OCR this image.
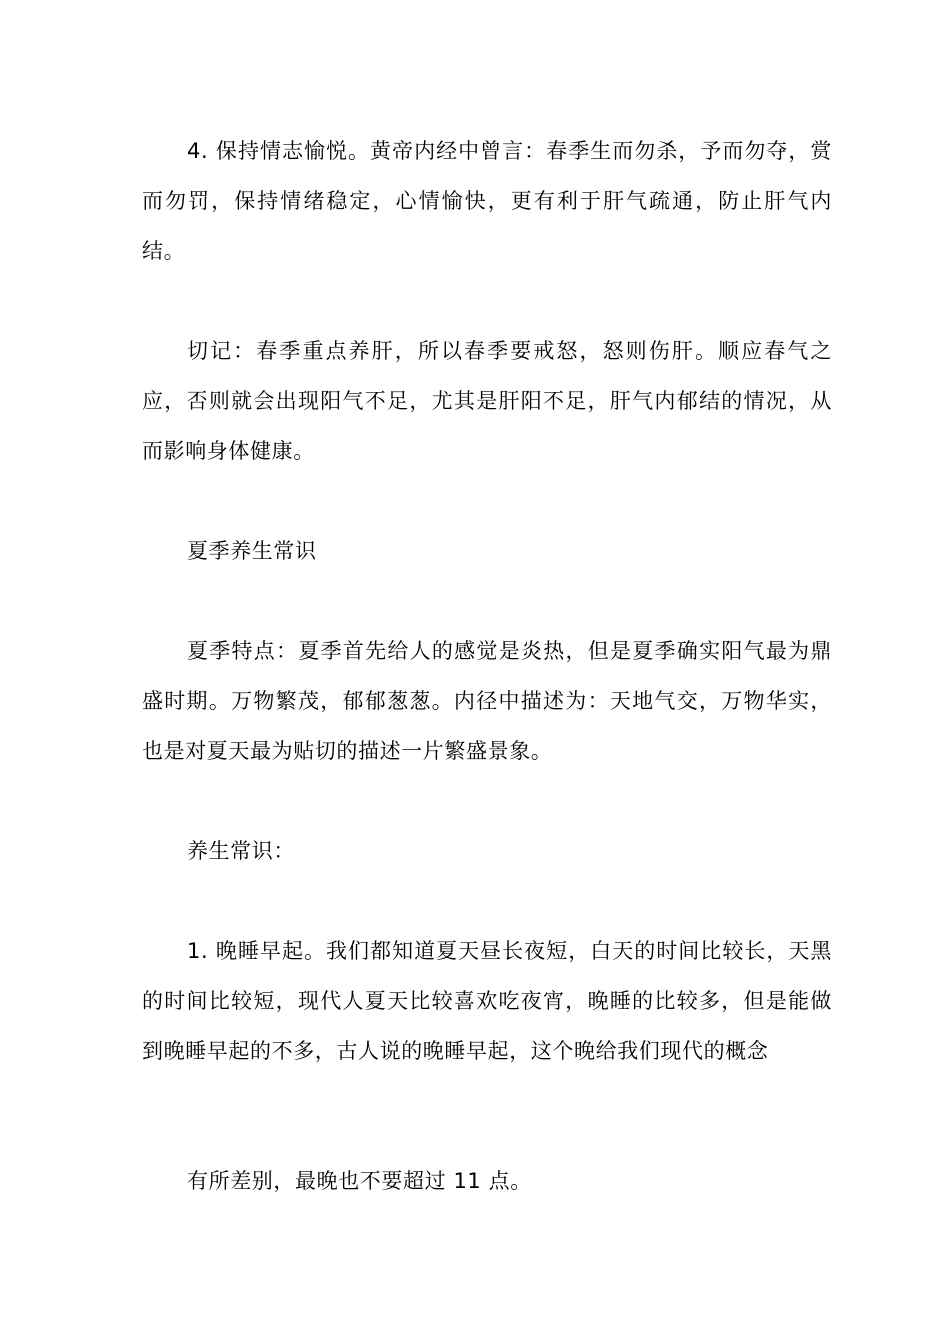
4. 保持情志愉悦。黄帝内经中曾言：春季生而勿杀，予而勿夺，赏而勿罚，保持情绪稳定，心情愉快，更有利于肝气疏通，防止肝气内结。

切记：春季重点养肝，所以春季要戒怒，怒则伤肝。顺应春气之应，否则就会出现阳气不足，尤其是肝阳不足，肝气内郁结的情况，从而影响身体健康。

夏季养生常识

夏季特点：夏季首先给人的感觉是炎热，但是夏季确实阳气最为鼎盛时期。万物繁茂，郁郁葱葱。内径中描述为：天地气交，万物华实，也是对夏天最为贴切的描述一片繁盛景象。

养生常识：

1. 晚睡早起。我们都知道夏天昼长夜短，白天的时间比较长，天黑的时间比较短，现代人夏天比较喜欢吃夜宵，晚睡的比较多，但是能做到晚睡早起的不多，古人说的晚睡早起，这个晚给我们现代的概念

有所差别，最晚也不要超过 11 点。
